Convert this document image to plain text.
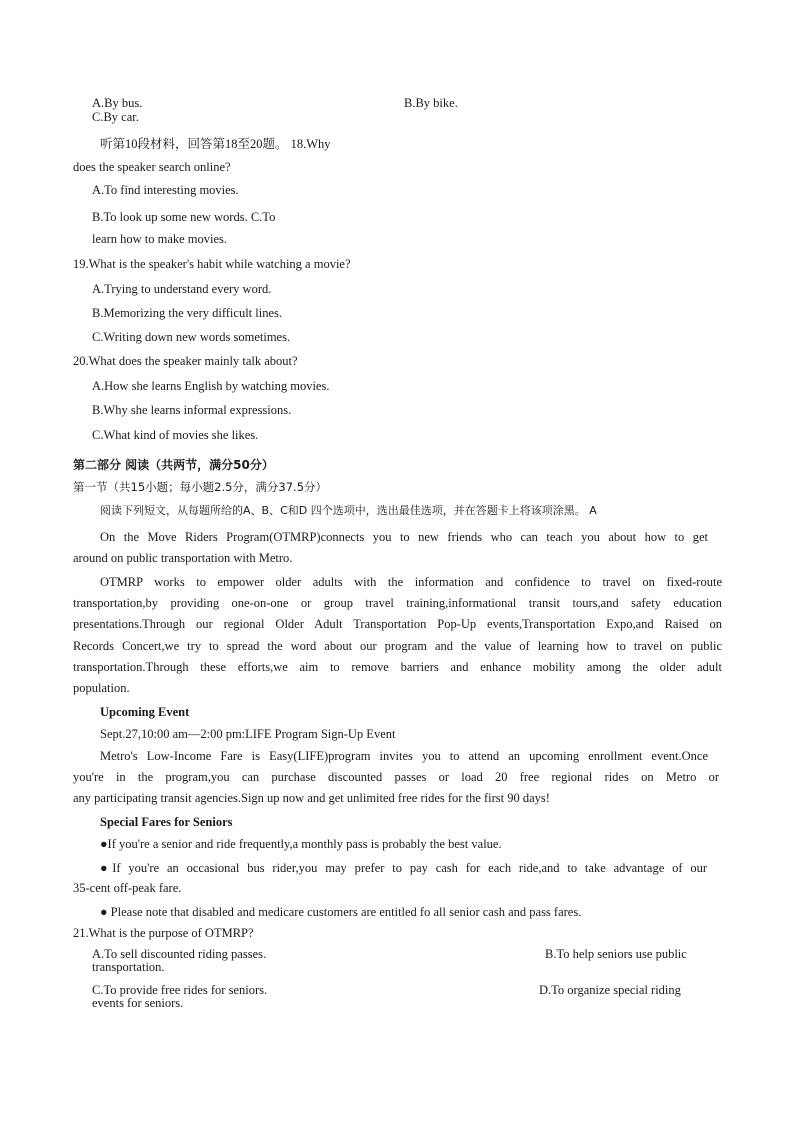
A.By bus.	B.By bike.
C.By car.
听第10段材料，回答第18至20题。 18.Why
does the speaker search online?
A.To find interesting movies.
B.To look up some new words. C.To
learn how to make movies.
19.What is the speaker's habit while watching a movie?
A.Trying to understand every word.
B.Memorizing the very difficult lines.
C.Writing down new words sometimes.
20.What does the speaker mainly talk about?
A.How she learns English by watching movies.
B.Why she learns informal expressions.
C.What kind of movies she likes.
第二部分 阅读（共两节，满分50分）
第一节（共15小题；每小题2.5分，满分37.5分）
阅读下列短文，从每题所给的A、B、C和D 四个选项中，选出最佳选项，并在答题卡上将该项涂黑。 A
On the Move Riders Program(OTMRP)connects you to new friends who can teach you about how to get
around on public transportation with Metro.
OTMRP works to empower older adults with the information and confidence to travel on fixed-route
transportation,by providing one-on-one or group travel training,informational transit tours,and safety education
presentations.Through our regional Older Adult Transportation Pop-Up events,Transportation Expo,and Raised on
Records Concert,we try to spread the word about our program and the value of learning how to travel on public
transportation.Through these efforts,we aim to remove barriers and enhance mobility among the older adult
population.
Upcoming Event
Sept.27,10:00 am—2:00 pm:LIFE Program Sign-Up Event
Metro's Low-Income Fare is Easy(LIFE)program invites you to attend an upcoming enrollment event.Once
you're in the program,you can purchase discounted passes or load 20 free regional rides on Metro or
any participating transit agencies.Sign up now and get unlimited free rides for the first 90 days!
Special Fares for Seniors
●If you're a senior and ride frequently,a monthly pass is probably the best value.
●If you're an occasional bus rider,you may prefer to pay cash for each ride,and to take advantage of our
35-cent off-peak fare.
● Please note that disabled and medicare customers are entitled fo all senior cash and pass fares.
21.What is the purpose of OTMRP?
A.To sell discounted riding passes.	B.To help seniors use public
transportation.
C.To provide free rides for seniors.	D.To organize special riding
events for seniors.
